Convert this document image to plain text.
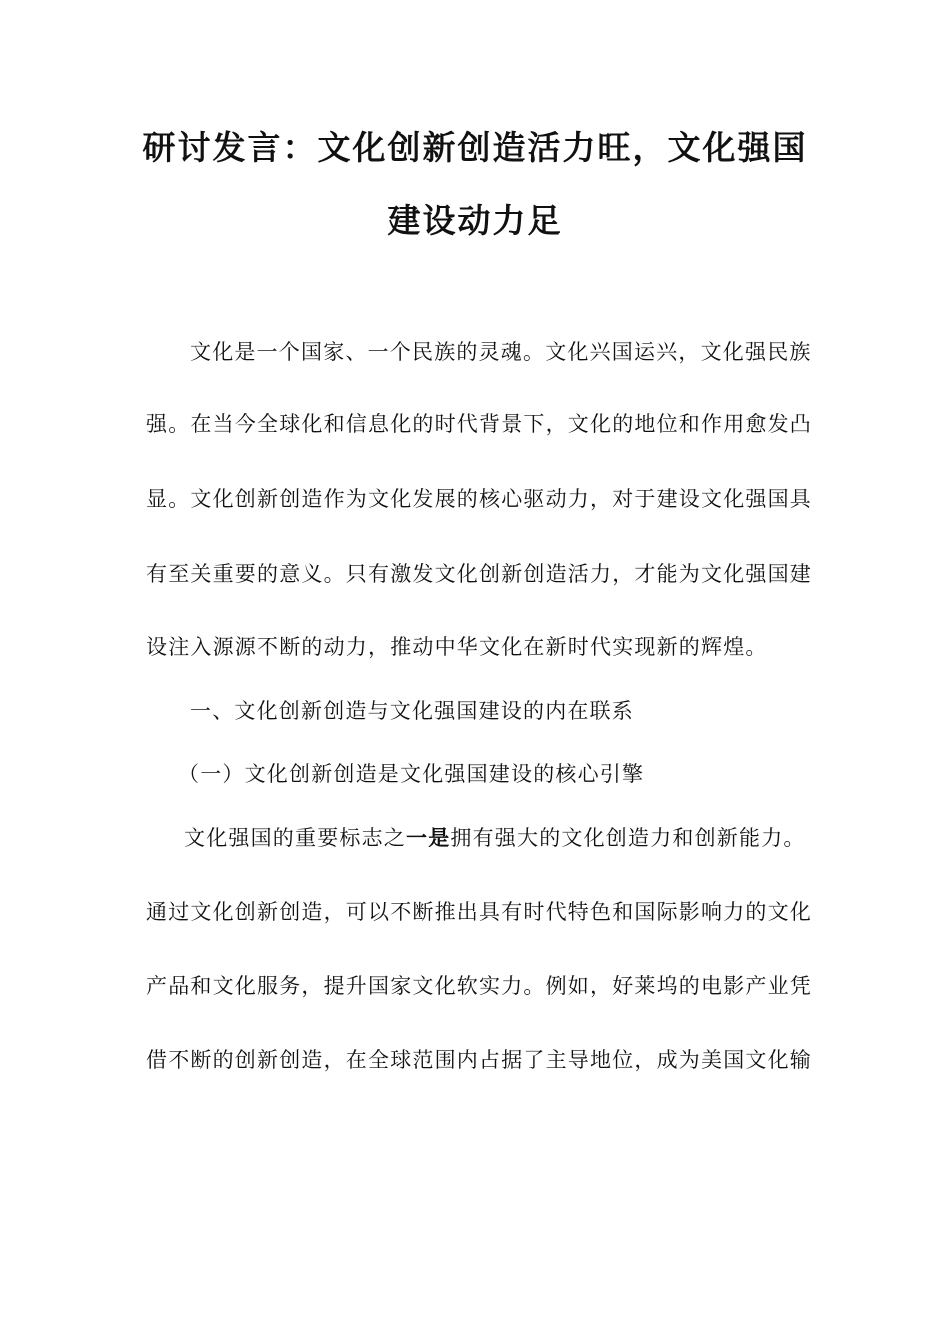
研讨发言：文化创新创造活力旺，文化强国
建设动力足

文化是一个国家、一个民族的灵魂。文化兴国运兴，文化强民族

强。在当今全球化和信息化的时代背景下，文化的地位和作用愈发凸

显。文化创新创造作为文化发展的核心驱动力，对于建设文化强国具

有至关重要的意义。只有激发文化创新创造活力，才能为文化强国建

设注入源源不断的动力，推动中华文化在新时代实现新的辉煌。

一、文化创新创造与文化强国建设的内在联系

（一）文化创新创造是文化强国建设的核心引擎

文化强国的重要标志之一是拥有强大的文化创造力和创新能力。

通过文化创新创造，可以不断推出具有时代特色和国际影响力的文化

产品和文化服务，提升国家文化软实力。例如，好莱坞的电影产业凭

借不断的创新创造，在全球范围内占据了主导地位，成为美国文化输
